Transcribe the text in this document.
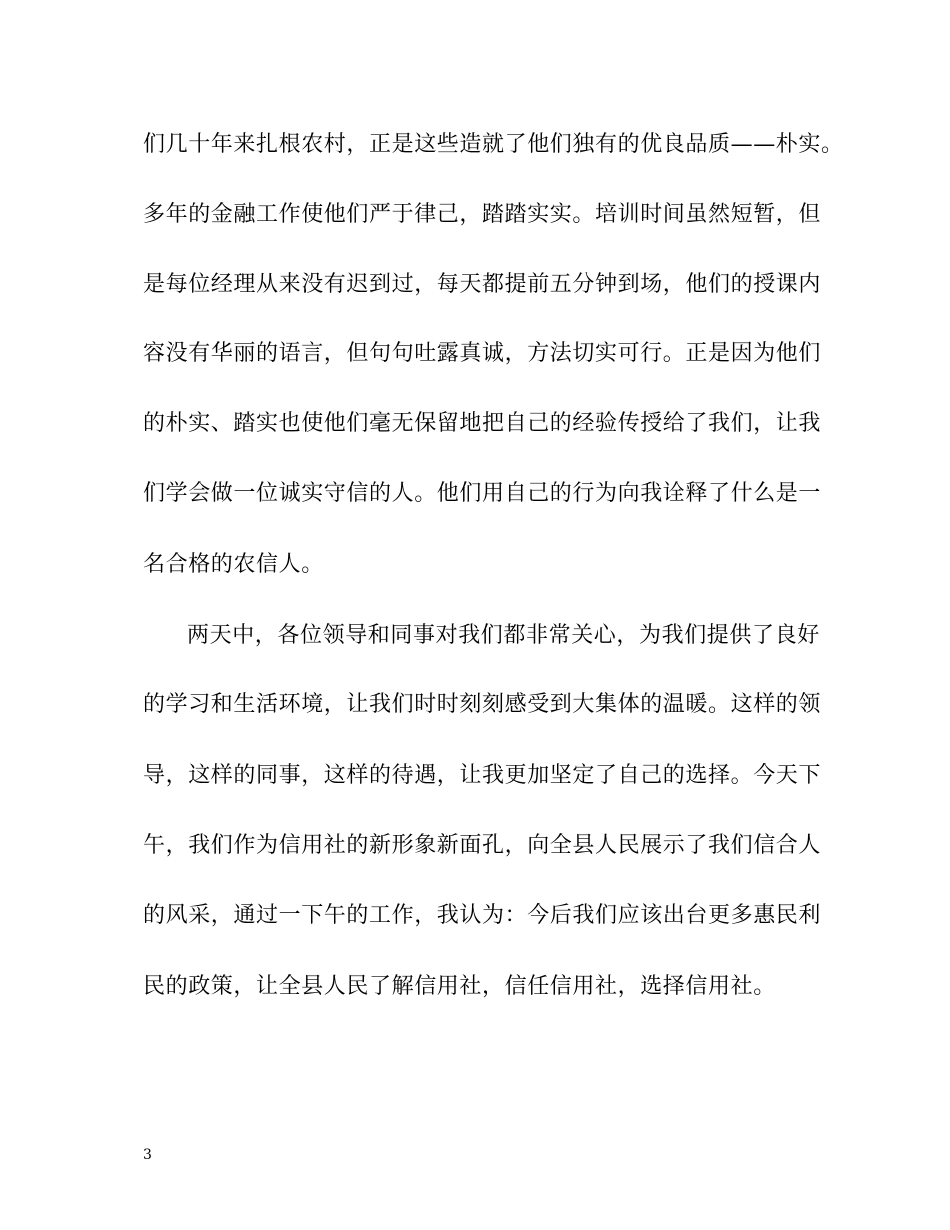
们几十年来扎根农村，正是这些造就了他们独有的优良品质——朴实。
多年的金融工作使他们严于律己，踏踏实实。培训时间虽然短暂，但
是每位经理从来没有迟到过，每天都提前五分钟到场，他们的授课内
容没有华丽的语言，但句句吐露真诚，方法切实可行。正是因为他们
的朴实、踏实也使他们毫无保留地把自己的经验传授给了我们，让我
们学会做一位诚实守信的人。他们用自己的行为向我诠释了什么是一
名合格的农信人。
两天中，各位领导和同事对我们都非常关心，为我们提供了良好
的学习和生活环境，让我们时时刻刻感受到大集体的温暖。这样的领
导，这样的同事，这样的待遇，让我更加坚定了自己的选择。今天下
午，我们作为信用社的新形象新面孔，向全县人民展示了我们信合人
的风采，通过一下午的工作，我认为：今后我们应该出台更多惠民利
民的政策，让全县人民了解信用社，信任信用社，选择信用社。
3
